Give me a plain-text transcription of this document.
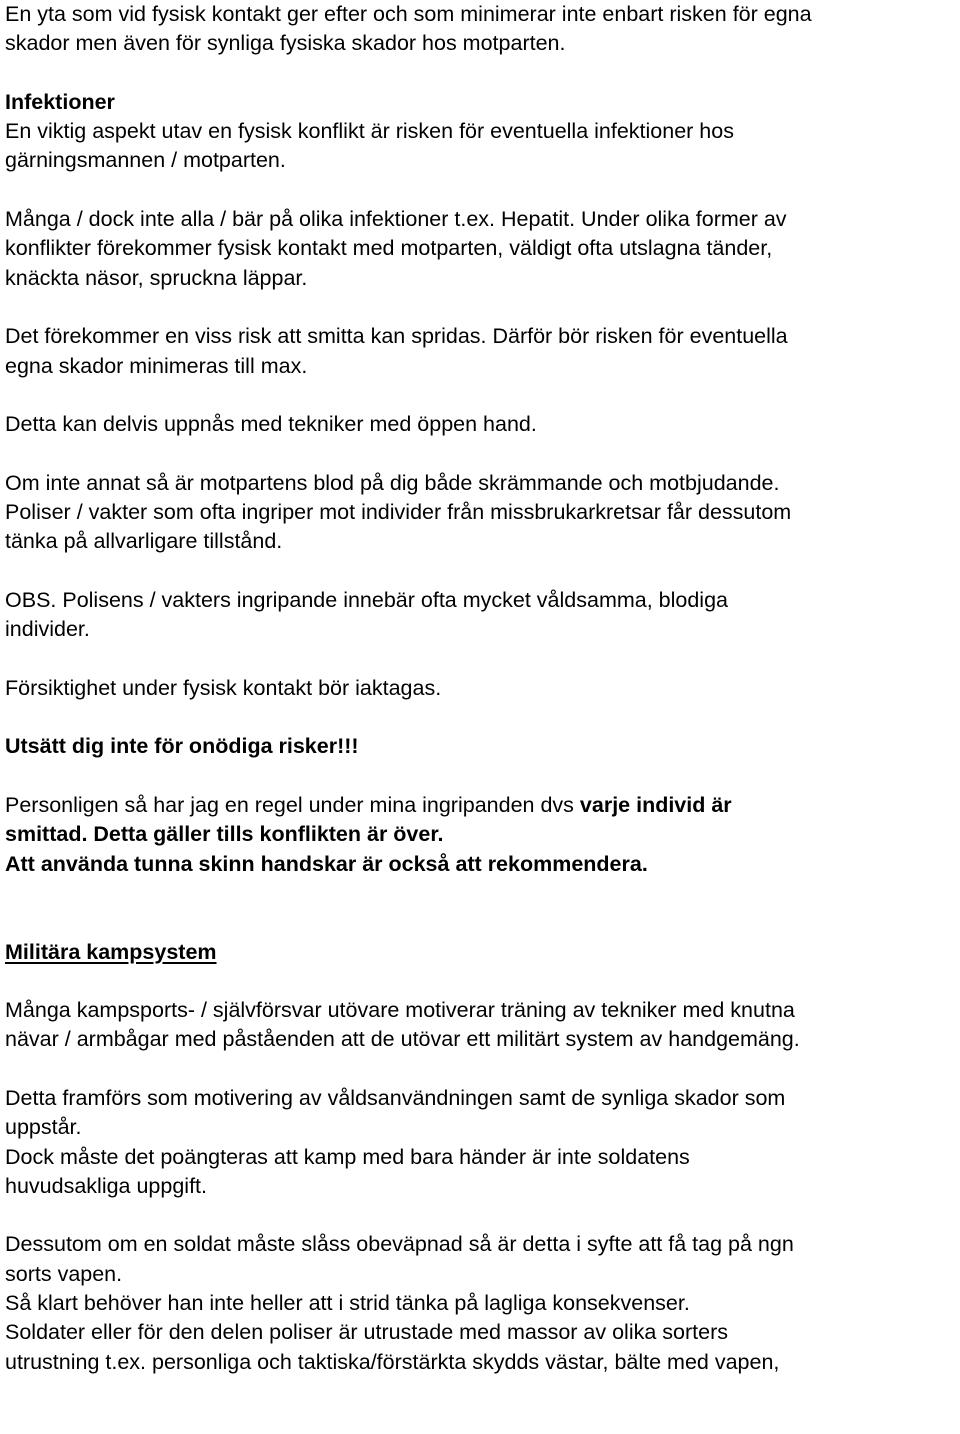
En yta som vid fysisk kontakt ger efter och som minimerar inte enbart risken för egna
skador men även för synliga fysiska skador hos motparten.
Infektioner
En viktig aspekt utav en fysisk konflikt är risken för eventuella infektioner hos
gärningsmannen / motparten.
Många / dock inte alla / bär på olika infektioner t.ex. Hepatit. Under olika former av
konflikter förekommer fysisk kontakt med motparten, väldigt ofta utslagna tänder,
knäckta näsor, spruckna läppar.
Det förekommer en viss risk att smitta kan spridas. Därför bör risken för eventuella
egna skador minimeras till max.
Detta kan delvis uppnås med tekniker med öppen hand.
Om inte annat så är motpartens blod på dig både skrämmande och motbjudande.
Poliser / vakter som ofta ingriper mot individer från missbrukarkretsar får dessutom
tänka på allvarligare tillstånd.
OBS. Polisens / vakters ingripande innebär ofta mycket våldsamma, blodiga
individer.
Försiktighet under fysisk kontakt bör iaktagas.
Utsätt dig inte för onödiga risker!!!
Personligen så har jag en regel under mina ingripanden dvs varje individ är
smittad. Detta gäller tills konflikten är över.
Att använda tunna skinn handskar är också att rekommendera.
Militära kampsystem
Många kampsports- / självförsvar utövare motiverar träning av tekniker med knutna
nävar / armbågar med påståenden att de utövar ett militärt system av handgemäng.
Detta framförs som motivering av våldsanvändningen samt de synliga skador som
uppstår.
Dock måste det poängteras att kamp med bara händer är inte soldatens
huvudsakliga uppgift.
Dessutom om en soldat måste slåss obeväpnad så är detta i syfte att få tag på ngn
sorts vapen.
Så klart behöver han inte heller att i strid tänka på lagliga konsekvenser.
Soldater eller för den delen poliser är utrustade med massor av olika sorters
utrustning t.ex. personliga och taktiska/förstärkta skydds västar, bälte med vapen,
